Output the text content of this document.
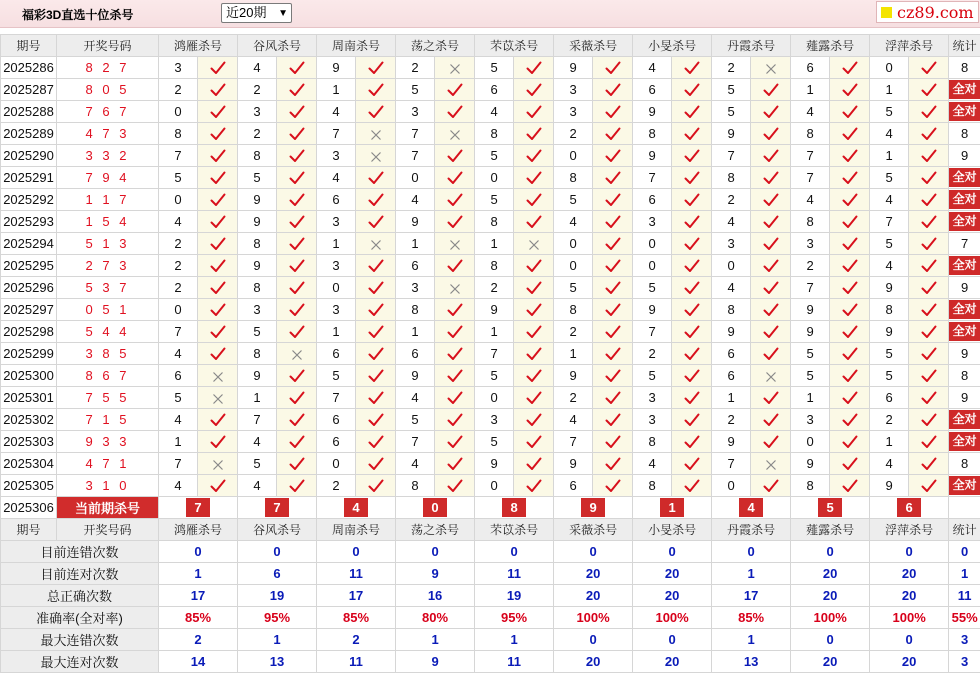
福彩3D直选十位杀号	近20期 ▼	cz89.com
期号	开奖号码	鸿雁杀号		谷风杀号		周南杀号		荡之杀号		芣苡杀号		采薇杀号		小旻杀号		丹霞杀号		薤露杀号		浮萍杀号		统计
2025286	8 2 7	3		4		9		2		5		9		4		2		6		0		8
2025287	8 0 5	2		2		1		5		6		3		6		5		1		1		全对

2025288	7 6 7	0		3		4		3		4		3		9		5		4		5		全对

2025289	4 7 3	8		2		7		7		8		2		8		9		8		4		8
2025290	3 3 2	7		8		3		7		5		0		9		7		7		1		9
2025291	7 9 4	5		5		4		0		0		8		7		8		7		5		全对

2025292	1 1 7	0		9		6		4		5		5		6		2		4		4		全对

2025293	1 5 4	4		9		3		9		8		4		3		4		8		7		全对

2025294	5 1 3	2		8		1		1		1		0		0		3		3		5		7
2025295	2 7 3	2		9		3		6		8		0		0		0		2		4		全对

2025296	5 3 7	2		8		0		3		2		5		5		4		7		9		9
2025297	0 5 1	0		3		3		8		9		8		9		8		9		8		全对

2025298	5 4 4	7		5		1		1		1		2		7		9		9		9		全对

2025299	3 8 5	4		8		6		6		7		1		2		6		5		5		9
2025300	8 6 7	6		9		5		9		5		9		5		6		5		5		8
2025301	7 5 5	5		1		7		4		0		2		3		1		1		6		9
2025302	7 1 5	4		7		6		5		3		4		3		2		3		2		全对

2025303	9 3 3	1		4		6		7		5		7		8		9		0		1		全对

2025304	4 7 1	7		5		0		4		9		9		4		7		9		4		8
2025305	3 1 0	4		4		2		8		0		6		8		0		8		9		全对

2025306	当前期杀号	7		7		4		0		8		9		1		4		5		6		
期号	开奖号码	鸿雁杀号		谷风杀号		周南杀号		荡之杀号		芣苡杀号		采薇杀号		小旻杀号		丹霞杀号		薤露杀号		浮萍杀号		统计
目前连错次数		0		0		0		0		0		0		0		0		0		0		0
目前连对次数		1		6		11		9		11		20		20		1		20		20		1
总正确次数		17		19		17		16		19		20		20		17		20		20		11
准确率(全对率)		85%		95%		85%		80%		95%		100%		100%		85%		100%		100%		55%
最大连错次数		2		1		2		1		1		0		0		1		0		0		3
最大连对次数		14		13		11		9		11		20		20		13		20		20		3
